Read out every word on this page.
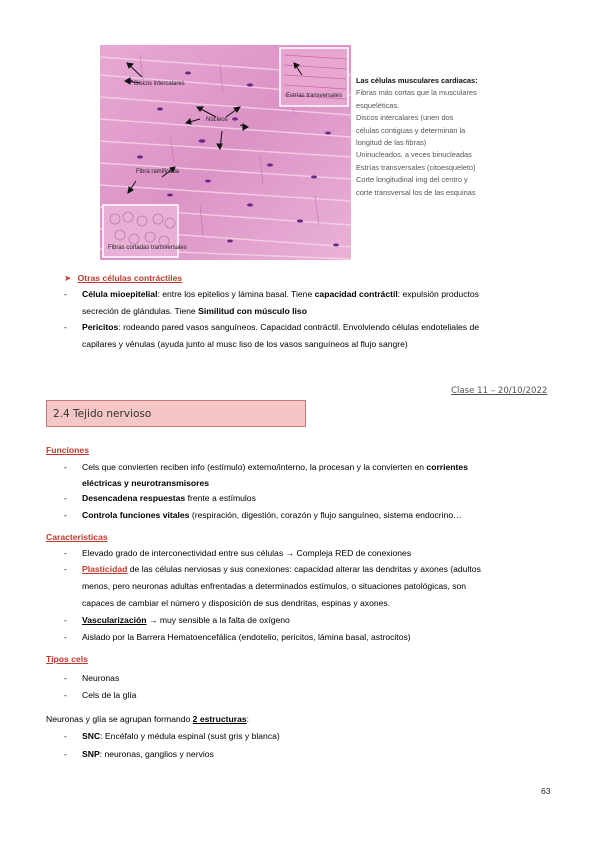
Discos intercalares
Núcleos
Fibra ramificada
Estrías transversales
Fibras cortadas transversales
Las células musculares cardiacas:
Fibras más cortas que la musculares
esqueléticas.
Discos intercalares (unen dos
células contiguas y determinan la
longitud de las fibras)
Uninucleados, a veces binucleadas
Estrías transversales (citoesqueleto)
Corte longitudinal img del centro y
corte transversal los de las esquinas
➤ Otras células contráctiles
- Célula mioepitelial: entre los epitelios y lámina basal. Tiene capacidad contráctil: expulsión productos
secreción de glándulas. Tiene Similitud con músculo liso
- Pericitos: rodeando pared vasos sanguíneos. Capacidad contráctil. Envolviendo células endoteliales de
capilares y vénulas (ayuda junto al musc liso de los vasos sanguíneos al flujo sangre)
Clase 11 – 20/10/2022
2.4 Tejido nervioso
Funciones
- Cels que convierten reciben info (estímulo) externo/interno, la procesan y la convierten en corrientes
eléctricas y neurotransmisores
- Desencadena respuestas frente a estímulos
- Controla funciones vitales (respiración, digestión, corazón y flujo sanguíneo, sistema endocrino…
Características
- Elevado grado de interconectividad entre sus células → Compleja RED de conexiones
- Plasticidad de las células nerviosas y sus conexiones: capacidad alterar las dendritas y axones (adultos
menos, pero neuronas adultas enfrentadas a determinados estímulos, o situaciones patológicas, son
capaces de cambiar el número y disposición de sus dendritas, espinas y axones.
- Vascularización → muy sensible a la falta de oxígeno
- Aislado por la Barrera Hematoencefálica (endotelio, pericitos, lámina basal, astrocitos)
Tipos cels
- Neuronas
- Cels de la glía
Neuronas y glía se agrupan formando 2 estructuras:
- SNC: Encéfalo y médula espinal (sust gris y blanca)
- SNP: neuronas, ganglios y nervios
63
